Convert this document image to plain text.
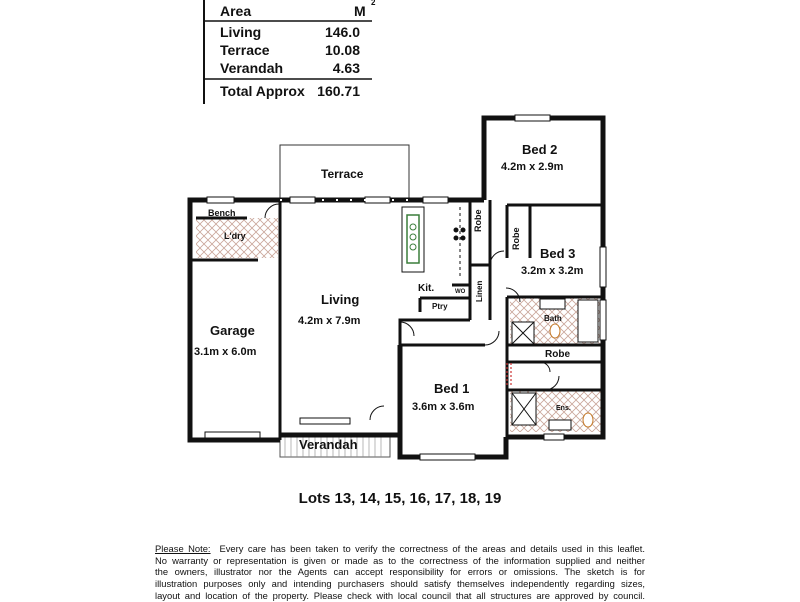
Area	M
2
Living	146.0
Terrace	10.08
Verandah	4.63
Total Approx 160.71
Terrace
Bed 2
4.2m x 2.9m
Bed 3
3.2m x 3.2m
Bench
L'dry
Robe
Robe
Living
4.2m x 7.9m
Kit.	WO
Ptry
Linen
Bath
Garage
3.1m x 6.0m	Robe
Bed 1
3.6m x 3.6m	Ens.
Verandah
Lots 13, 14, 15, 16, 17, 18, 19
Please Note: Every care has been taken to verify the correctness of the areas and details used in this leaflet.
No warranty or representation is given or made as to the correctness of the information supplied and neither
the owners, illustrator nor the Agents can accept responsibility for errors or omissions. The sketch is for
illustration purposes only and intending purchasers should satisfy themselves independently regarding sizes,
layout and location of the property. Please check with local council that all structures are approved by council.
